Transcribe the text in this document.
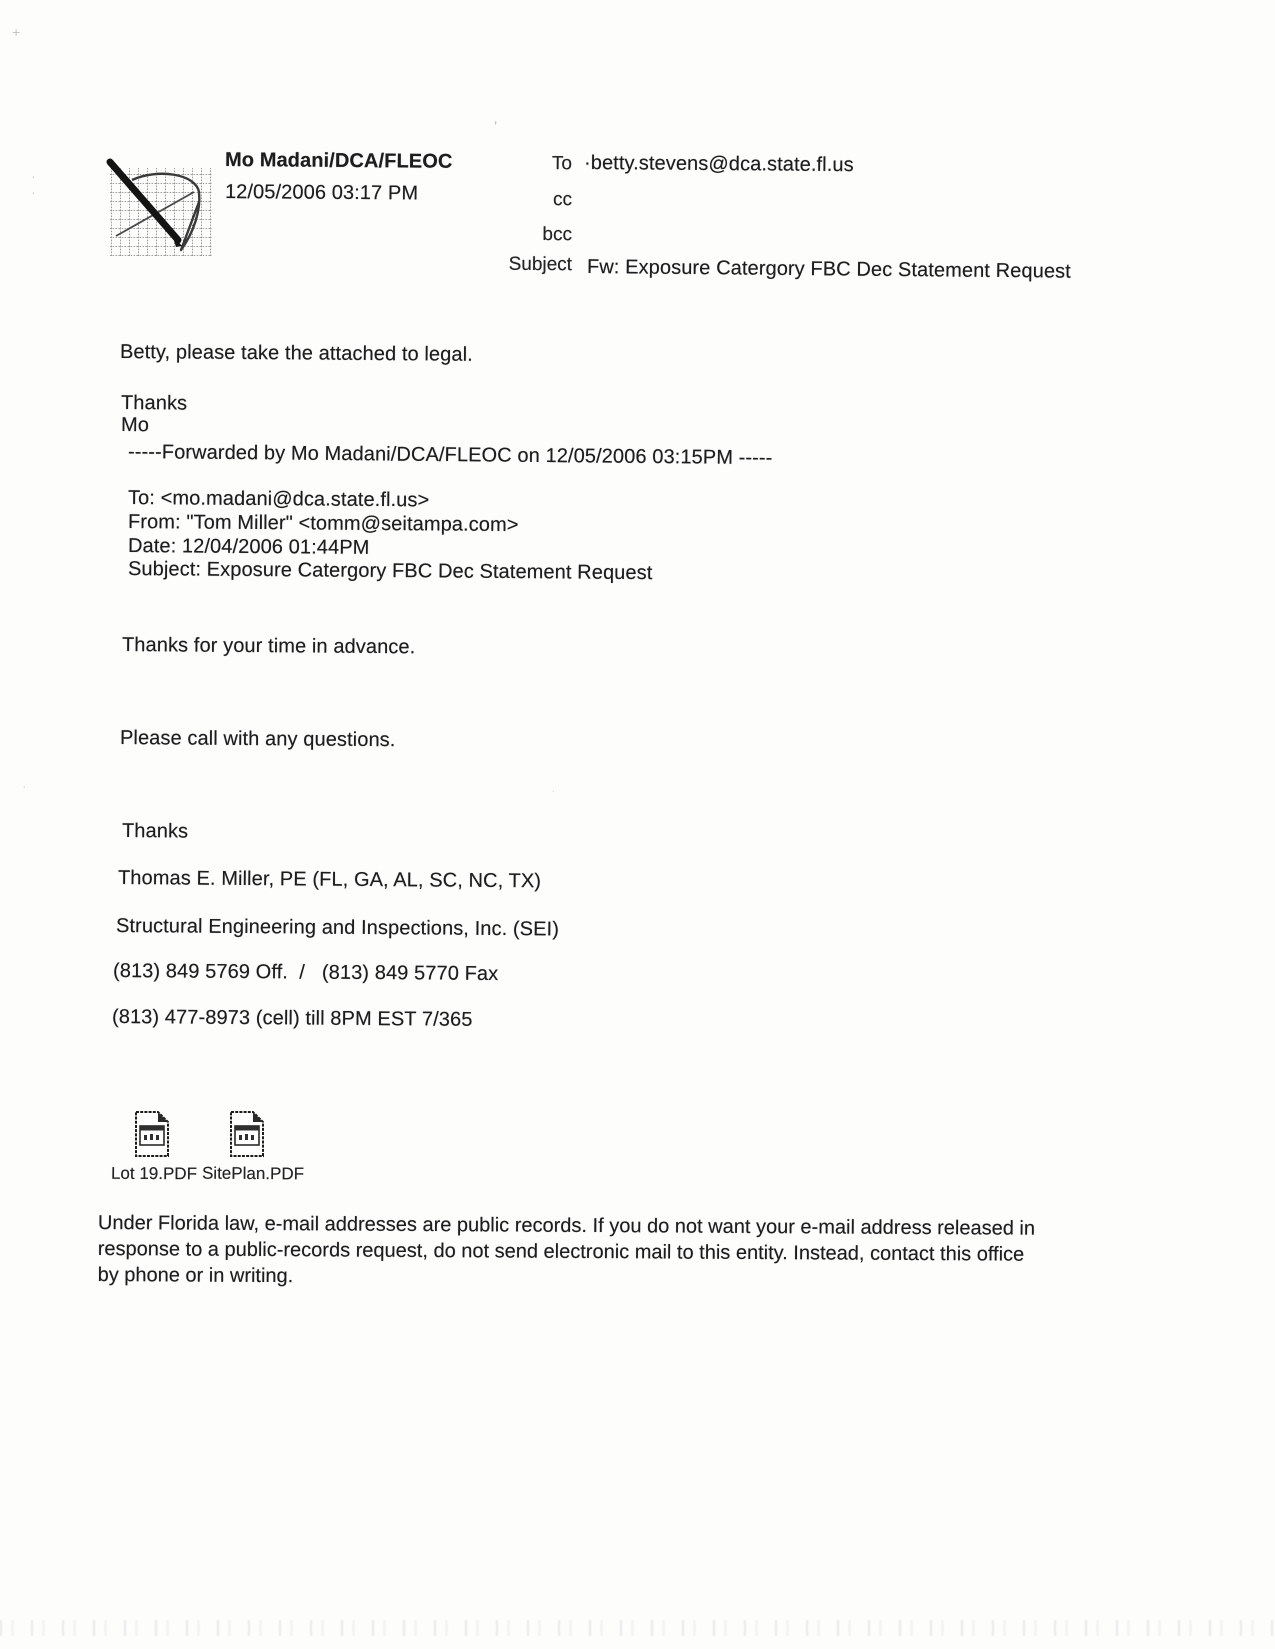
+
·
·
’
·	·
Mo Madani/DCA/FLEOC
12/05/2006 03:17 PM
To ·betty.stevens@dca.state.fl.us
cc
bcc
Subject Fw: Exposure Catergory FBC Dec Statement Request
Betty, please take the attached to legal.
Thanks
Mo
-----Forwarded by Mo Madani/DCA/FLEOC on 12/05/2006 03:15PM -----
To: <mo.madani@dca.state.fl.us>
From: "Tom Miller" <tomm@seitampa.com>
Date: 12/04/2006 01:44PM
Subject: Exposure Catergory FBC Dec Statement Request
Thanks for your time in advance.
Please call with any questions.
Thanks
Thomas E. Miller, PE (FL, GA, AL, SC, NC, TX)
Structural Engineering and Inspections, Inc. (SEI)
(813) 849 5769 Off.  /   (813) 849 5770 Fax
(813) 477-8973 (cell) till 8PM EST 7/365
Lot 19.PDF SitePlan.PDF
Under Florida law, e-mail addresses are public records. If you do not want your e-mail address released in
response to a public-records request, do not send electronic mail to this entity. Instead, contact this office
by phone or in writing.
